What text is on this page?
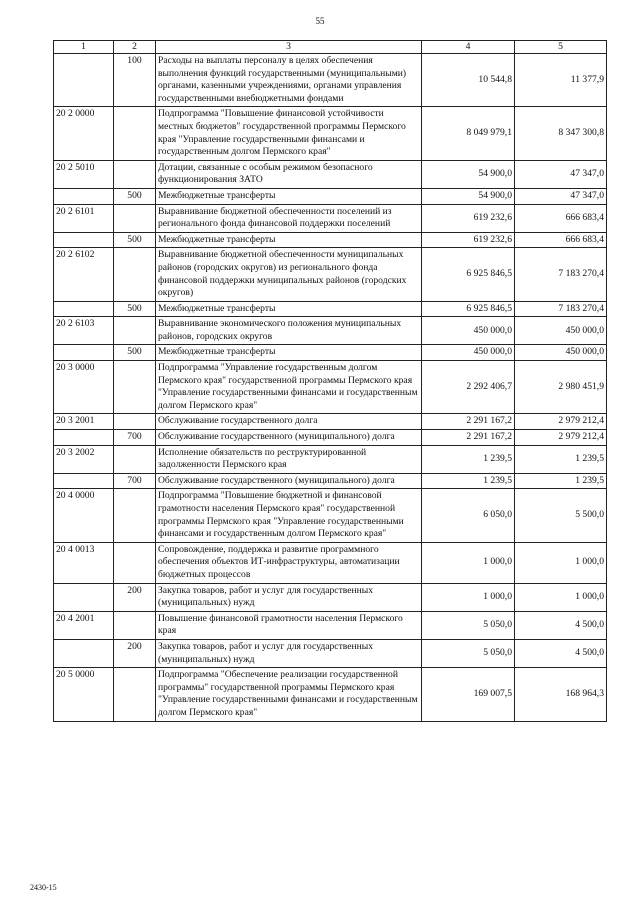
55
1	2	3	4	5
	100	Расходы на выплаты персоналу в целях обеспечения выполнения функций государственными (муниципальными) органами, казенными учреждениями, органами управления государственными внебюджетными фондами	10 544,8	11 377,9
20 2 0000		Подпрограмма "Повышение финансовой устойчивости местных бюджетов" государственной программы Пермского края "Управление государственными финансами и государственным долгом Пермского края"	8 049 979,1	8 347 300,8
20 2 5010		Дотации, связанные с особым режимом безопасного функционирования ЗАТО	54 900,0	47 347,0
	500	Межбюджетные трансферты	54 900,0	47 347,0
20 2 6101		Выравнивание бюджетной обеспеченности поселений из регионального фонда финансовой поддержки поселений	619 232,6	666 683,4
	500	Межбюджетные трансферты	619 232,6	666 683,4
20 2 6102		Выравнивание бюджетной обеспеченности муниципальных районов (городских округов) из регионального фонда финансовой поддержки муниципальных районов (городских округов)	6 925 846,5	7 183 270,4
	500	Межбюджетные трансферты	6 925 846,5	7 183 270,4
20 2 6103		Выравнивание экономического положения муниципальных районов, городских округов	450 000,0	450 000,0
	500	Межбюджетные трансферты	450 000,0	450 000,0
20 3 0000		Подпрограмма "Управление государственным долгом Пермского края" государственной программы Пермского края "Управление государственными финансами и государственным долгом Пермского края"	2 292 406,7	2 980 451,9
20 3 2001		Обслуживание государственного долга	2 291 167,2	2 979 212,4
	700	Обслуживание государственного (муниципального) долга	2 291 167,2	2 979 212,4
20 3 2002		Исполнение обязательств по реструктурированной задолженности Пермского края	1 239,5	1 239,5
	700	Обслуживание государственного (муниципального) долга	1 239,5	1 239,5
20 4 0000		Подпрограмма "Повышение бюджетной и финансовой грамотности населения Пермского края" государственной программы Пермского края "Управление государственными финансами и государственным долгом Пермского края"	6 050,0	5 500,0
20 4 0013		Сопровождение, поддержка и развитие программного обеспечения объектов ИТ-инфраструктуры, автоматизации бюджетных процессов	1 000,0	1 000,0
	200	Закупка товаров, работ и услуг для государственных (муниципальных) нужд	1 000,0	1 000,0
20 4 2001		Повышение финансовой грамотности населения Пермского края	5 050,0	4 500,0
	200	Закупка товаров, работ и услуг для государственных (муниципальных) нужд	5 050,0	4 500,0
20 5 0000		Подпрограмма "Обеспечение реализации государственной программы" государственной программы Пермского края "Управление государственными финансами и государственным долгом Пермского края"	169 007,5	168 964,3
2430-15
